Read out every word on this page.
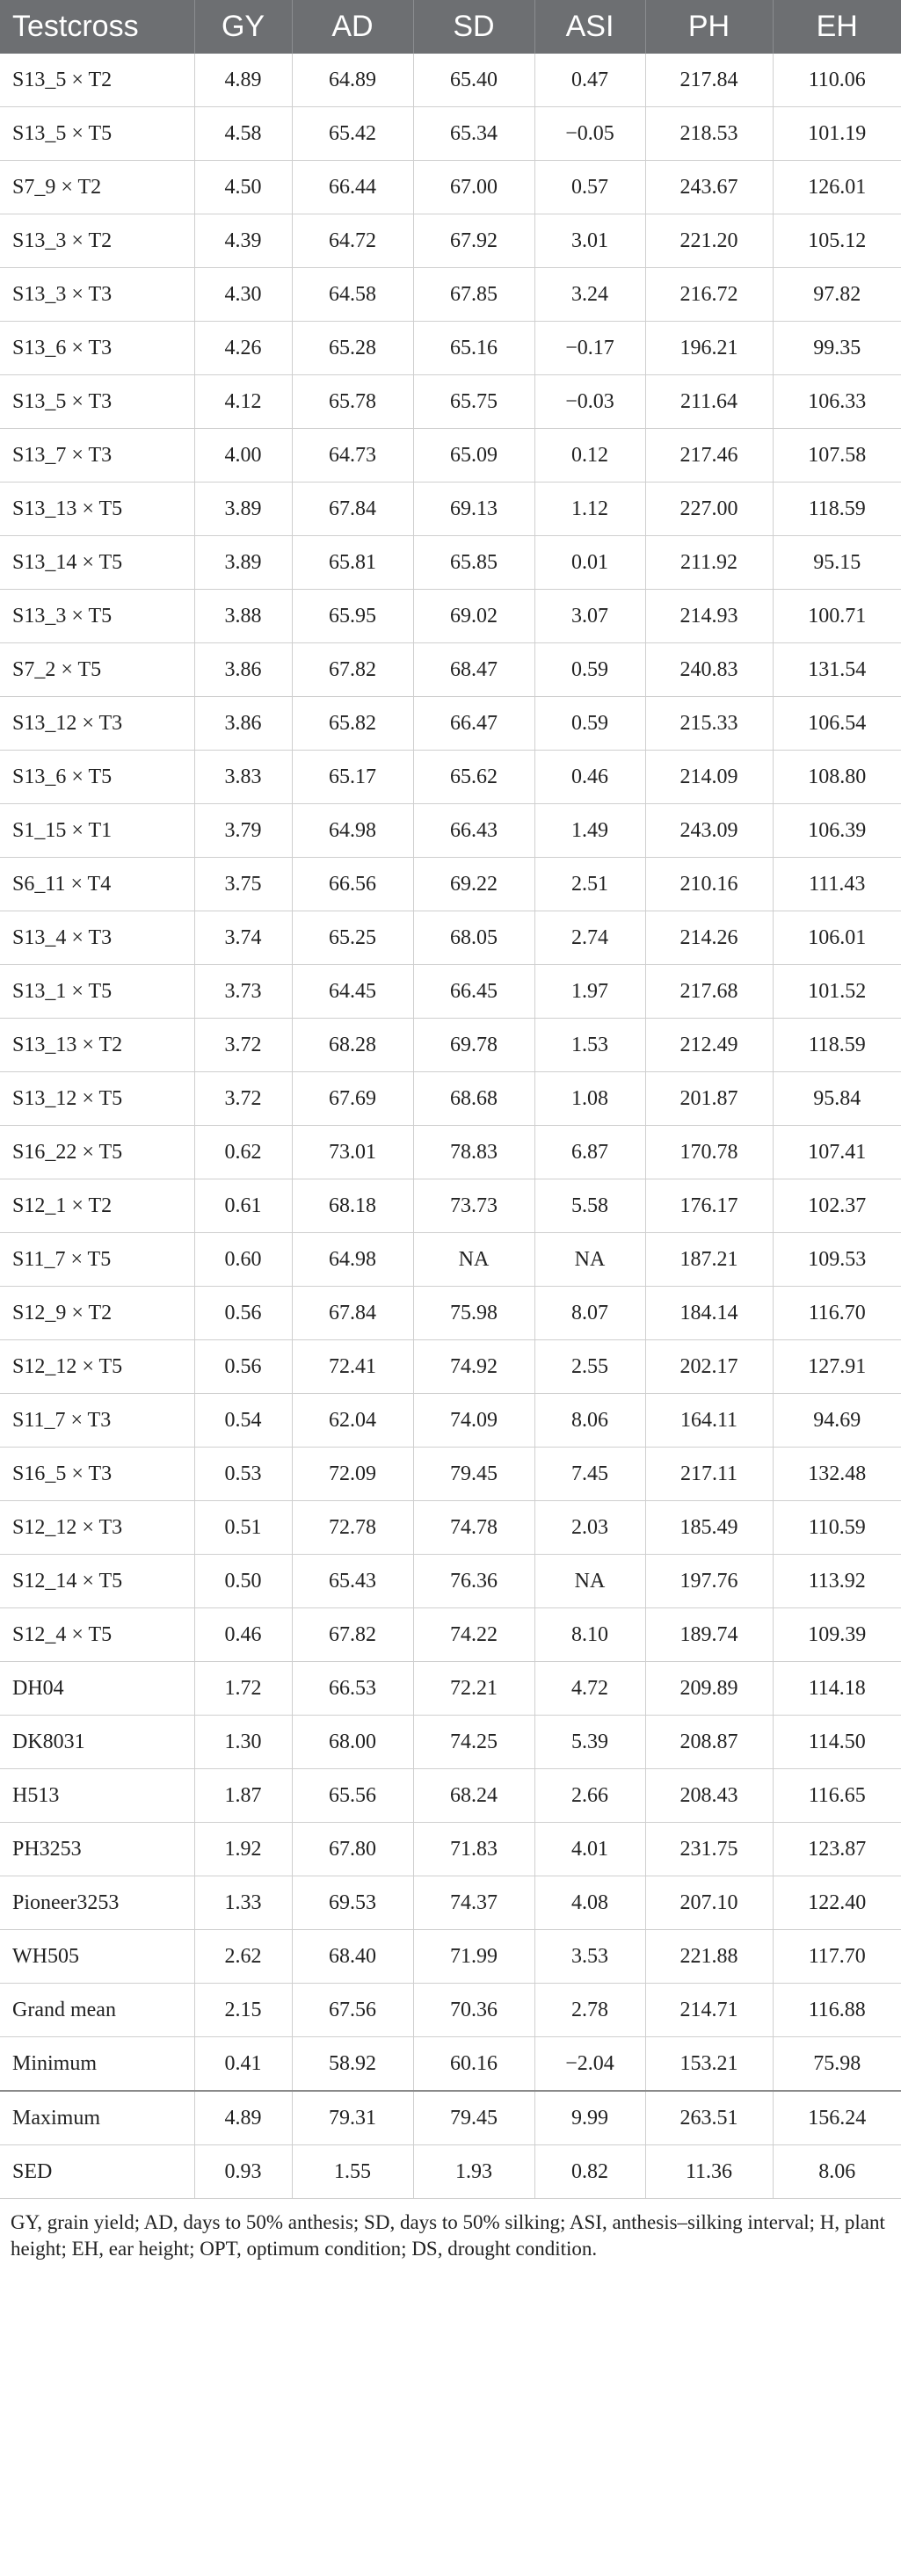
Testcross	GY	AD	SD	ASI	PH	EH
S13_5 × T2	4.89	64.89	65.40	0.47	217.84	110.06
S13_5 × T5	4.58	65.42	65.34	−0.05	218.53	101.19
S7_9 × T2	4.50	66.44	67.00	0.57	243.67	126.01
S13_3 × T2	4.39	64.72	67.92	3.01	221.20	105.12
S13_3 × T3	4.30	64.58	67.85	3.24	216.72	97.82
S13_6 × T3	4.26	65.28	65.16	−0.17	196.21	99.35
S13_5 × T3	4.12	65.78	65.75	−0.03	211.64	106.33
S13_7 × T3	4.00	64.73	65.09	0.12	217.46	107.58
S13_13 × T5	3.89	67.84	69.13	1.12	227.00	118.59
S13_14 × T5	3.89	65.81	65.85	0.01	211.92	95.15
S13_3 × T5	3.88	65.95	69.02	3.07	214.93	100.71
S7_2 × T5	3.86	67.82	68.47	0.59	240.83	131.54
S13_12 × T3	3.86	65.82	66.47	0.59	215.33	106.54
S13_6 × T5	3.83	65.17	65.62	0.46	214.09	108.80
S1_15 × T1	3.79	64.98	66.43	1.49	243.09	106.39
S6_11 × T4	3.75	66.56	69.22	2.51	210.16	111.43
S13_4 × T3	3.74	65.25	68.05	2.74	214.26	106.01
S13_1 × T5	3.73	64.45	66.45	1.97	217.68	101.52
S13_13 × T2	3.72	68.28	69.78	1.53	212.49	118.59
S13_12 × T5	3.72	67.69	68.68	1.08	201.87	95.84
S16_22 × T5	0.62	73.01	78.83	6.87	170.78	107.41
S12_1 × T2	0.61	68.18	73.73	5.58	176.17	102.37
S11_7 × T5	0.60	64.98	NA	NA	187.21	109.53
S12_9 × T2	0.56	67.84	75.98	8.07	184.14	116.70
S12_12 × T5	0.56	72.41	74.92	2.55	202.17	127.91
S11_7 × T3	0.54	62.04	74.09	8.06	164.11	94.69
S16_5 × T3	0.53	72.09	79.45	7.45	217.11	132.48
S12_12 × T3	0.51	72.78	74.78	2.03	185.49	110.59
S12_14 × T5	0.50	65.43	76.36	NA	197.76	113.92
S12_4 × T5	0.46	67.82	74.22	8.10	189.74	109.39
DH04	1.72	66.53	72.21	4.72	209.89	114.18
DK8031	1.30	68.00	74.25	5.39	208.87	114.50
H513	1.87	65.56	68.24	2.66	208.43	116.65
PH3253	1.92	67.80	71.83	4.01	231.75	123.87
Pioneer3253	1.33	69.53	74.37	4.08	207.10	122.40
WH505	2.62	68.40	71.99	3.53	221.88	117.70
Grand mean	2.15	67.56	70.36	2.78	214.71	116.88
Minimum	0.41	58.92	60.16	−2.04	153.21	75.98
Maximum	4.89	79.31	79.45	9.99	263.51	156.24
SED	0.93	1.55	1.93	0.82	11.36	8.06
GY, grain yield; AD, days to 50% anthesis; SD, days to 50% silking; ASI, anthesis–silking interval; H, plant height; EH, ear height; OPT, optimum condition; DS, drought condition.
